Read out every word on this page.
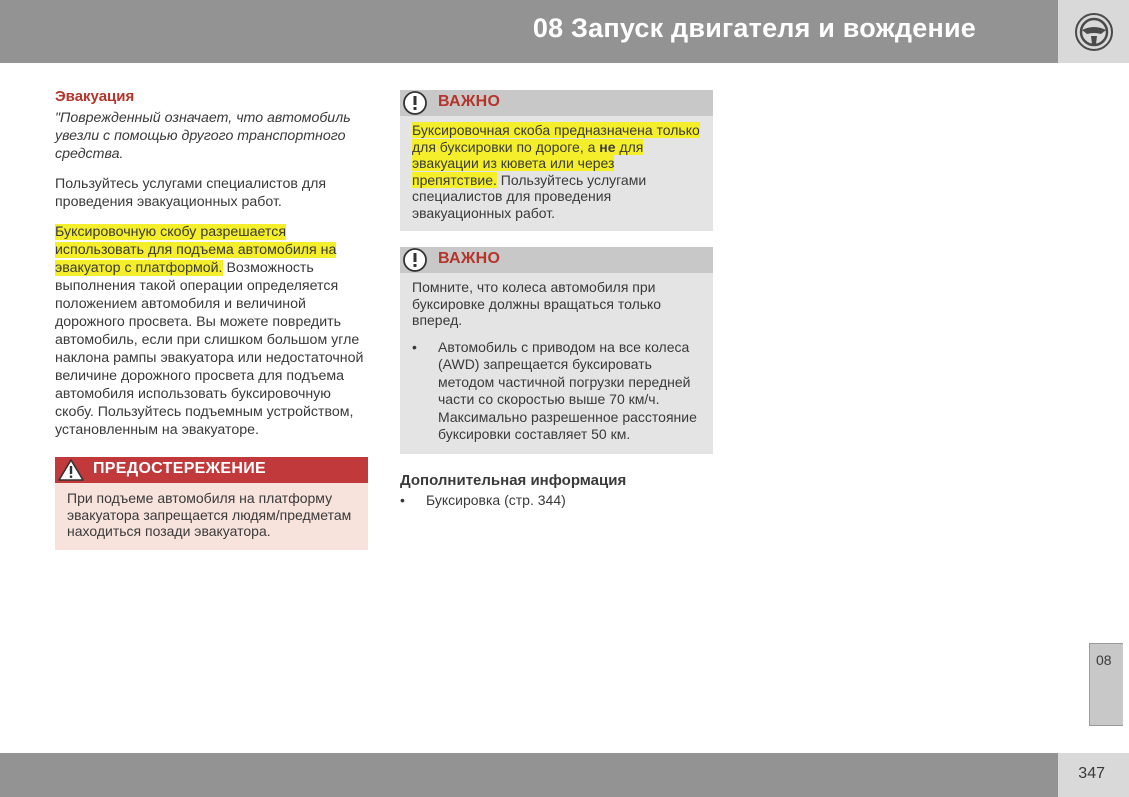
08 Запуск двигателя и вождение
Эвакуация

"Поврежденный означает, что автомобиль увезли с помощью другого транспортного средства.

Пользуйтесь услугами специалистов для проведения эвакуационных работ.

Буксировочную скобу разрешается использовать для подъема автомобиля на эвакуатор с платформой. Возможность выполнения такой операции определяется положением автомобиля и величиной дорожного просвета. Вы можете повредить автомобиль, если при слишком большом угле наклона рампы эвакуатора или недостаточной величине дорожного просвета для подъема автомобиля использовать буксировочную скобу. Пользуйтесь подъемным устройством, установленным на эвакуаторе.

ПРЕДОСТЕРЕЖЕНИЕ
При подъеме автомобиля на платформу эвакуатора запрещается людям/предметам находиться позади эвакуатора.
ВАЖНО

Буксировочная скоба предназначена только для буксировки по дороге, а не для эвакуации из кювета или через препятствие. Пользуйтесь услугами специалистов для проведения эвакуационных работ.

ВАЖНО

Помните, что колеса автомобиля при буксировке должны вращаться только вперед.

•	Автомобиль с приводом на все колеса (AWD) запрещается буксировать методом частичной погрузки передней части со скоростью выше 70 км/ч. Максимально разрешенное расстояние буксировки составляет 50 км.
Дополнительная информация
•	Буксировка (стр. 344)
08
347
